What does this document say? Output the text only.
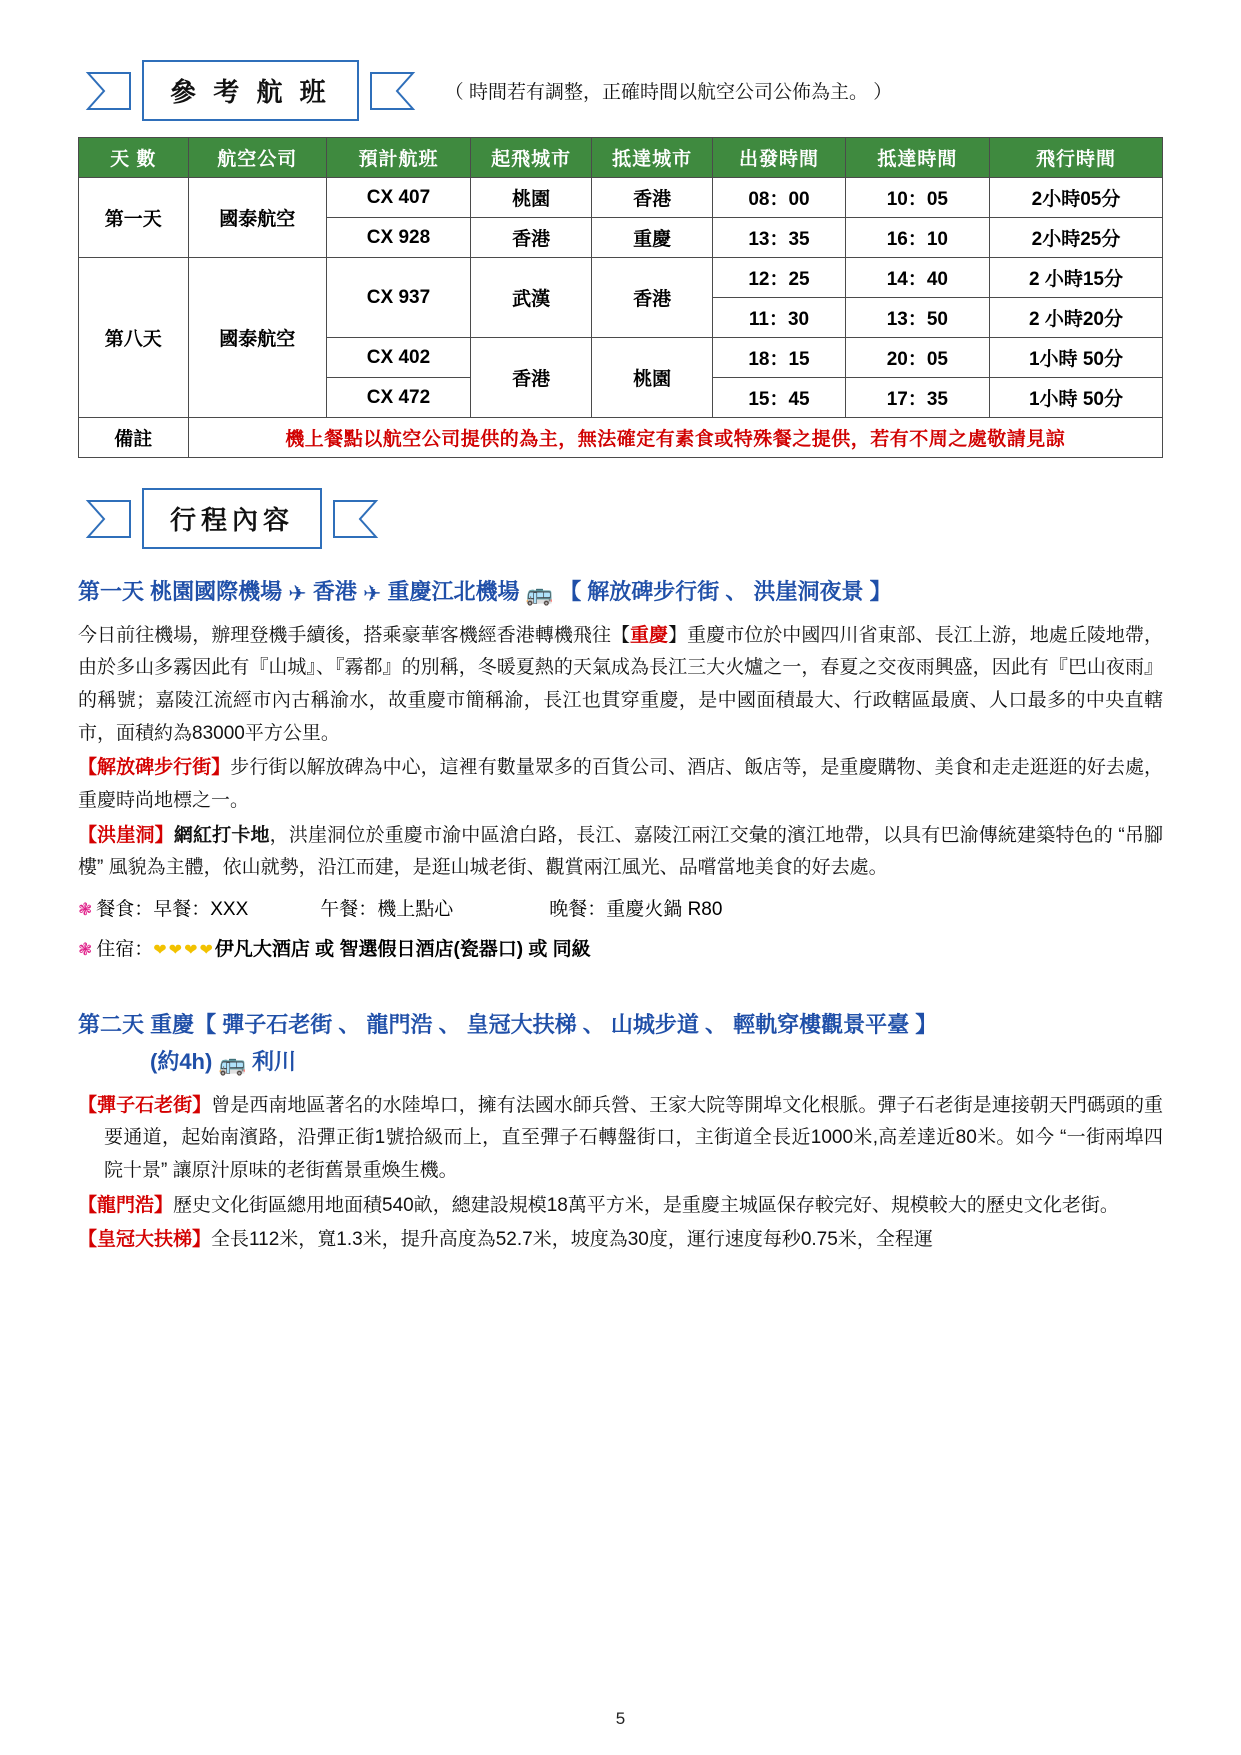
參 考 航 班	（ 時間若有調整，正確時間以航空公司公佈為主。 ）
天 數	航空公司	預計航班	起飛城市	抵達城市	出發時間	抵達時間	飛行時間
第一天	國泰航空	CX 407	桃園	香港	08：00	10：05	2小時05分
		CX 928	香港	重慶	13：35	16：10	2小時25分
第八天	國泰航空	CX 937	武漢	香港	12：25	14：40	2 小時15分
					11：30	13：50	2 小時20分
		CX 402	香港	桃園	18：15	20：05	1小時 50分
		CX 472			15：45	17：35	1小時 50分
備註	機上餐點以航空公司提供的為主，無法確定有素食或特殊餐之提供，若有不周之處敬請見諒						
行程內容
第一天 桃園國際機場 ✈ 香港 ✈ 重慶江北機場 🚌 【 解放碑步行街 、 洪崖洞夜景 】

今日前往機場，辦理登機手續後，搭乘豪華客機經香港轉機飛往【重慶】重慶市位於中國四川省東部、長江上游，地處丘陵地帶，由於多山多霧因此有『山城』、『霧都』的別稱，冬暖夏熱的天氣成為長江三大火爐之一，春夏之交夜雨興盛，因此有『巴山夜雨』的稱號；嘉陵江流經市內古稱渝水，故重慶市簡稱渝，長江也貫穿重慶，是中國面積最大、行政轄區最廣、人口最多的中央直轄市，面積約為83000平方公里。

【解放碑步行街】步行街以解放碑為中心，這裡有數量眾多的百貨公司、酒店、飯店等，是重慶購物、美食和走走逛逛的好去處，重慶時尚地標之一。

【洪崖洞】網紅打卡地，洪崖洞位於重慶市渝中區滄白路，長江、嘉陵江兩江交彙的濱江地帶，以具有巴渝傳統建築特色的 “吊腳樓” 風貌為主體，依山就勢，沿江而建，是逛山城老街、觀賞兩江風光、品嚐當地美食的好去處。

❃ 餐食：早餐：XXX	午餐：機上點心	晚餐：重慶火鍋 R80
❃ 住宿： ❤❤❤❤ 伊凡大酒店 或 智選假日酒店(瓷器口) 或 同級
第二天 重慶【 彈子石老街 、 龍門浩 、 皇冠大扶梯 、 山城步道 、 輕軌穿樓觀景平臺 】
(約4h) 🚌 利川

【彈子石老街】曾是西南地區著名的水陸埠口，擁有法國水師兵營、王家大院等開埠文化根脈。彈子石老街是連接朝天門碼頭的重要通道，起始南濱路，沿彈正街1號拾級而上，直至彈子石轉盤街口，主街道全長近1000米,高差達近80米。如今 “一街兩埠四院十景” 讓原汁原味的老街舊景重煥生機。

【龍門浩】歷史文化街區總用地面積540畝，總建設規模18萬平方米，是重慶主城區保存較完好、規模較大的歷史文化老街。

【皇冠大扶梯】全長112米，寬1.3米，提升高度為52.7米，坡度為30度，運行速度每秒0.75米，全程運

5
